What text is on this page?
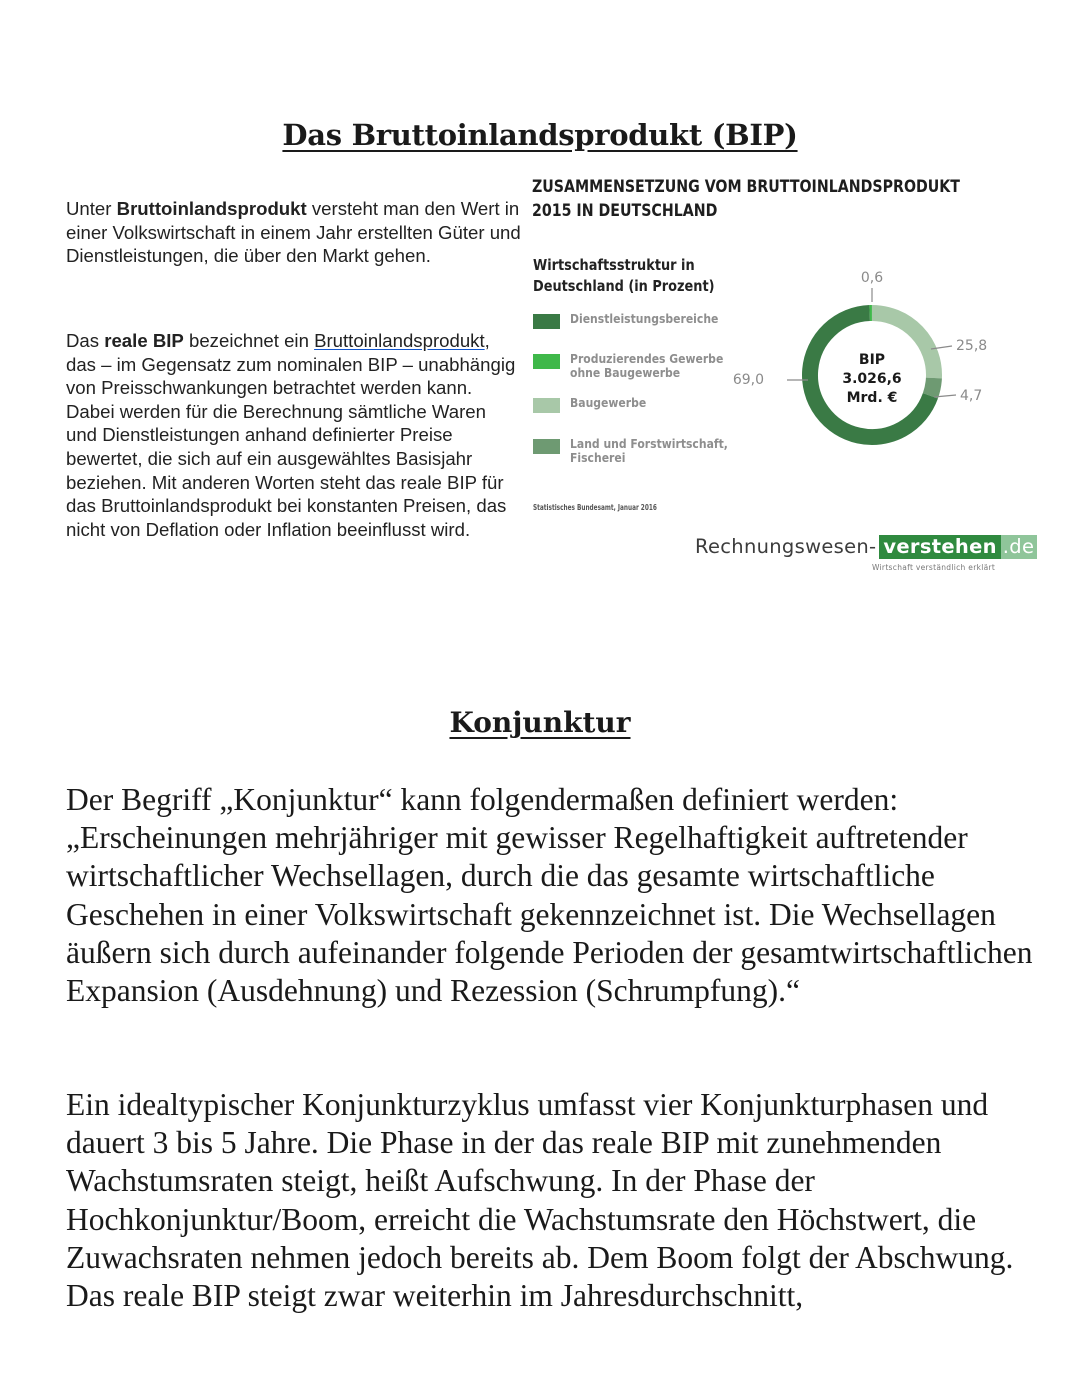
Das Bruttoinlandsprodukt (BIP)
Unter Bruttoinlandsprodukt versteht man den Wert in einer Volkswirtschaft in einem Jahr erstellten Güter und Dienstleistungen, die über den Markt gehen.
Das reale BIP bezeichnet ein Bruttoinlandsprodukt, das – im Gegensatz zum nominalen BIP – unabhängig von Preisschwankungen betrachtet werden kann. Dabei werden für die Berechnung sämtliche Waren und Dienstleistungen anhand definierter Preise bewertet, die sich auf ein ausgewähltes Basisjahr beziehen. Mit anderen Worten steht das reale BIP für das Bruttoinlandsprodukt bei konstanten Preisen, das nicht von Deflation oder Inflation beeinflusst wird.
ZUSAMMENSETZUNG VOM BRUTTOINLANDSPRODUKT
2015 IN DEUTSCHLAND
Wirtschaftsstruktur in
Deutschland (in Prozent)
Dienstleistungsbereiche
Produzierendes Gewerbe
ohne Baugewerbe
Baugewerbe
Land und Forstwirtschaft,
Fischerei
Statistisches Bundesamt, Januar 2016
0,6
25,8
4,7
69,0
BIP
3.026,6
Mrd. €
Rechnungswesen- verstehen .de
Wirtschaft verständlich erklärt
Konjunktur
Der Begriff „Konjunktur“ kann folgendermaßen definiert werden: „Erscheinungen mehrjähriger mit gewisser Regelhaftigkeit auftretender wirtschaftlicher Wechsellagen, durch die das gesamte wirtschaftliche Geschehen in einer Volkswirtschaft gekennzeichnet ist. Die Wechsellagen äußern sich durch aufeinander folgende Perioden der gesamtwirtschaftlichen Expansion (Ausdehnung) und Rezession (Schrumpfung).“
Ein idealtypischer Konjunkturzyklus umfasst vier Konjunkturphasen und dauert 3 bis 5 Jahre. Die Phase in der das reale BIP mit zunehmenden Wachstumsraten steigt, heißt Aufschwung. In der Phase der Hochkonjunktur/Boom, erreicht die Wachstumsrate den Höchstwert, die Zuwachsraten nehmen jedoch bereits ab. Dem Boom folgt der Abschwung. Das reale BIP steigt zwar weiterhin im Jahresdurchschnitt,
